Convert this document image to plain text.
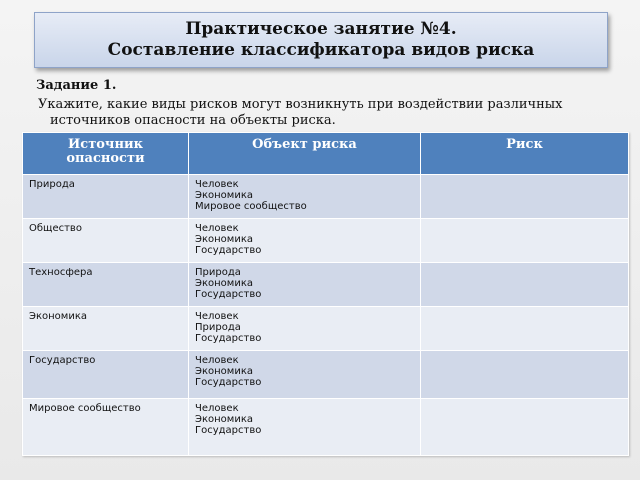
Практическое занятие №4.
Составление классификатора видов риска
Задание 1.
Укажите, какие виды рисков могут возникнуть при воздействии различных источников опасности на объекты риска.
Источник опасности	Объект риска	Риск
Природа	Человек
Экономика
Мировое сообщество	

Общество	Человек
Экономика
Государство	

Техносфера	Природа
Экономика
Государство	

Экономика	Человек
Природа
Государство	

Государство	Человек
Экономика
Государство	

Мировое сообщество	Человек
Экономика
Государство	
